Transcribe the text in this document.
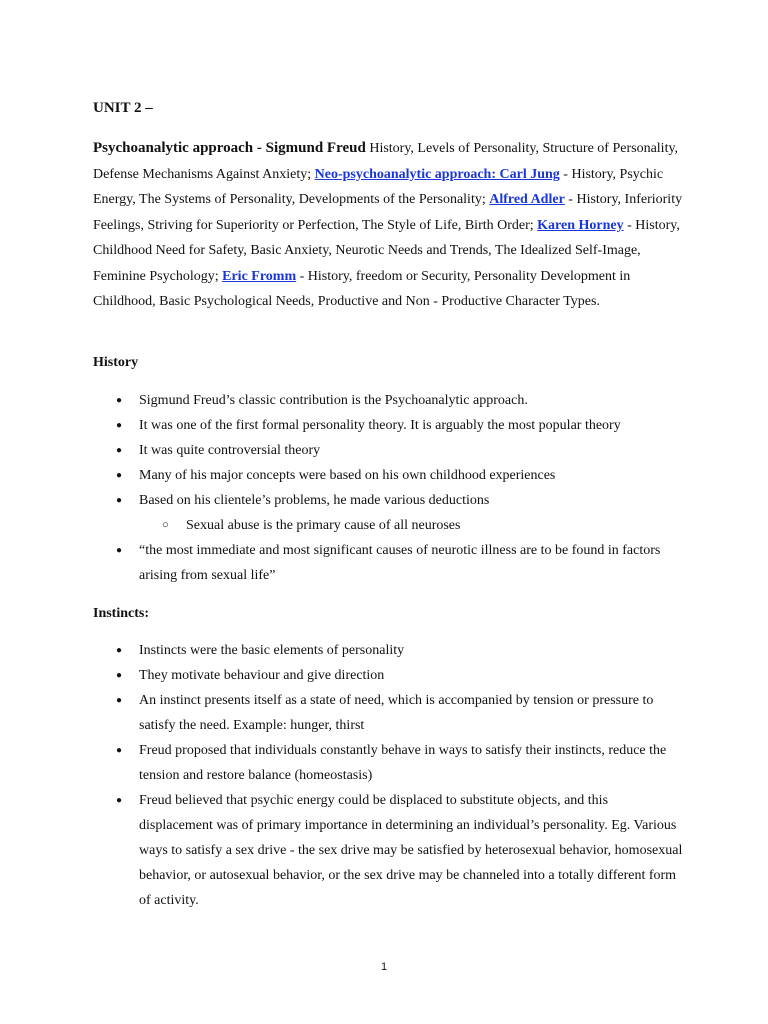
UNIT 2 –

Psychoanalytic approach - Sigmund Freud History, Levels of Personality, Structure of Personality, Defense Mechanisms Against Anxiety; Neo-psychoanalytic approach: Carl Jung - History, Psychic Energy, The Systems of Personality, Developments of the Personality; Alfred Adler - History, Inferiority Feelings, Striving for Superiority or Perfection, The Style of Life, Birth Order; Karen Horney - History, Childhood Need for Safety, Basic Anxiety, Neurotic Needs and Trends, The Idealized Self-Image, Feminine Psychology; Eric Fromm - History, freedom or Security, Personality Development in Childhood, Basic Psychological Needs, Productive and Non - Productive Character Types.

History
● Sigmund Freud’s classic contribution is the Psychoanalytic approach.
● It was one of the first formal personality theory. It is arguably the most popular theory
● It was quite controversial theory
● Many of his major concepts were based on his own childhood experiences
● Based on his clientele’s problems, he made various deductions
○ Sexual abuse is the primary cause of all neuroses
● “the most immediate and most significant causes of neurotic illness are to be found in factors arising from sexual life”
Instincts:
● Instincts were the basic elements of personality
● They motivate behaviour and give direction
● An instinct presents itself as a state of need, which is accompanied by tension or pressure to satisfy the need. Example: hunger, thirst
● Freud proposed that individuals constantly behave in ways to satisfy their instincts, reduce the tension and restore balance (homeostasis)
● Freud believed that psychic energy could be displaced to substitute objects, and this displacement was of primary importance in determining an individual’s personality. Eg. Various ways to satisfy a sex drive - the sex drive may be satisfied by heterosexual behavior, homosexual behavior, or autosexual behavior, or the sex drive may be channeled into a totally different form of activity.
1
